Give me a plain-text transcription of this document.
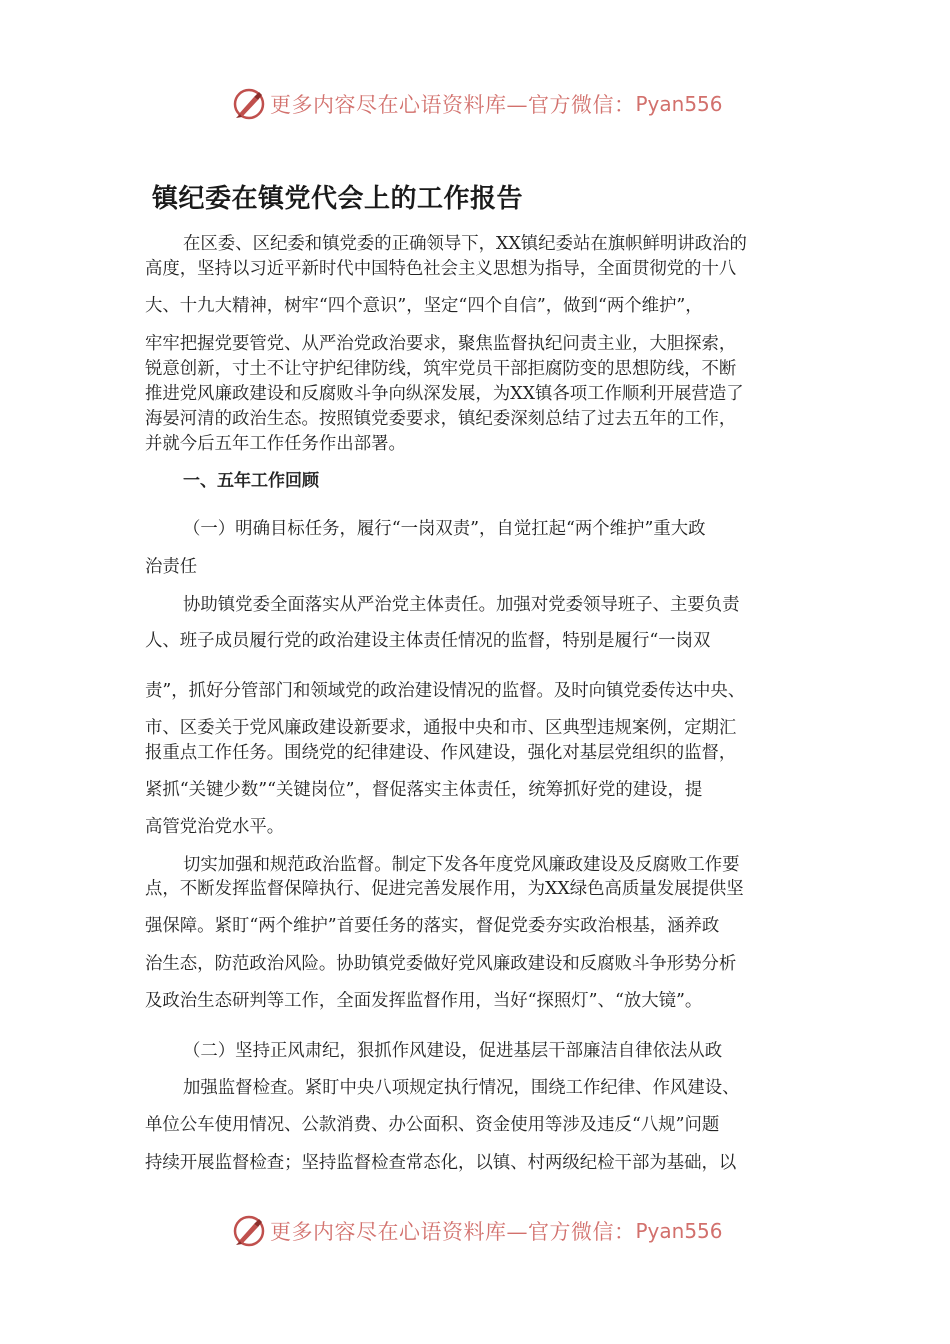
更多内容尽在心语资料库—官方微信： Pyan556
镇纪委在镇党代会上的工作报告
在区委、区纪委和镇党委的正确领导下，XX镇纪委站在旗帜鲜明讲政治的
高度，坚持以习近平新时代中国特色社会主义思想为指导，全面贯彻党的十八
大、十九大精神，树牢“四个意识”，坚定“四个自信”，做到“两个维护”，
牢牢把握党要管党、从严治党政治要求，聚焦监督执纪问责主业，大胆探索，
锐意创新，寸土不让守护纪律防线，筑牢党员干部拒腐防变的思想防线，不断
推进党风廉政建设和反腐败斗争向纵深发展，为XX镇各项工作顺利开展营造了
海晏河清的政治生态。按照镇党委要求，镇纪委深刻总结了过去五年的工作，
并就今后五年工作任务作出部署。
一、五年工作回顾
（一）明确目标任务，履行“一岗双责”，自觉扛起“两个维护”重大政
治责任
协助镇党委全面落实从严治党主体责任。加强对党委领导班子、主要负责
人、班子成员履行党的政治建设主体责任情况的监督，特别是履行“一岗双
责”，抓好分管部门和领域党的政治建设情况的监督。及时向镇党委传达中央、
市、区委关于党风廉政建设新要求，通报中央和市、区典型违规案例，定期汇
报重点工作任务。围绕党的纪律建设、作风建设，强化对基层党组织的监督，
紧抓“关键少数”“关键岗位”，督促落实主体责任，统筹抓好党的建设，提
高管党治党水平。
切实加强和规范政治监督。制定下发各年度党风廉政建设及反腐败工作要
点，不断发挥监督保障执行、促进完善发展作用，为XX绿色高质量发展提供坚
强保障。紧盯“两个维护”首要任务的落实，督促党委夯实政治根基，涵养政
治生态，防范政治风险。协助镇党委做好党风廉政建设和反腐败斗争形势分析
及政治生态研判等工作，全面发挥监督作用，当好“探照灯”、“放大镜”。
（二）坚持正风肃纪，狠抓作风建设，促进基层干部廉洁自律依法从政
加强监督检查。紧盯中央八项规定执行情况，围绕工作纪律、作风建设、
单位公车使用情况、公款消费、办公面积、资金使用等涉及违反“八规”问题
持续开展监督检查；坚持监督检查常态化，以镇、村两级纪检干部为基础，以
更多内容尽在心语资料库—官方微信： Pyan556
